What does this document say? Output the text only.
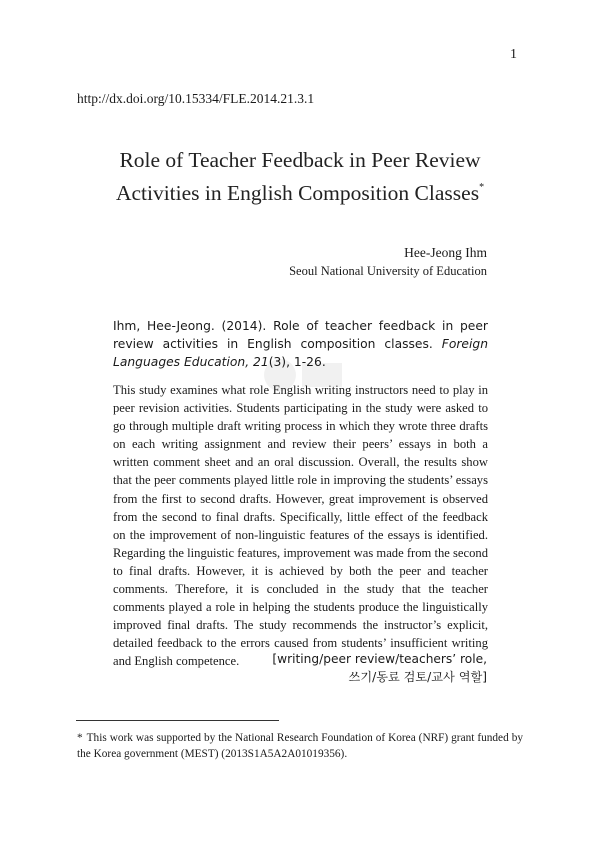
1
http://dx.doi.org/10.15334/FLE.2014.21.3.1
Role of Teacher Feedback in Peer Review
Activities in English Composition Classes*
Hee-Jeong Ihm
Seoul National University of Education
Ihm, Hee-Jeong. (2014). Role of teacher feedback in peer review activities in English composition classes. Foreign Languages Education, 21(3), 1-26.
This study examines what role English writing instructors need to play in peer revision activities. Students participating in the study were asked to go through multiple draft writing process in which they wrote three drafts on each writing assignment and review their peers’ essays in both a written comment sheet and an oral discussion. Overall, the results show that the peer comments played little role in improving the students’ essays from the first to second drafts. However, great improvement is observed from the second to final drafts. Specifically, little effect of the feedback on the improvement of non-linguistic features of the essays is identified. Regarding the linguistic features, improvement was made from the second to final drafts. However, it is achieved by both the peer and teacher comments. Therefore, it is concluded in the study that the teacher comments played a role in helping the students produce the linguistically improved final drafts. The study recommends the instructor’s explicit, detailed feedback to the errors caused from students’ insufficient writing and English competence.	[writing/peer review/teachers’ role,
쓰기/동료 검토/교사 역할]
* This work was supported by the National Research Foundation of Korea (NRF) grant funded by the Korea government (MEST) (2013S1A5A2A01019356).
